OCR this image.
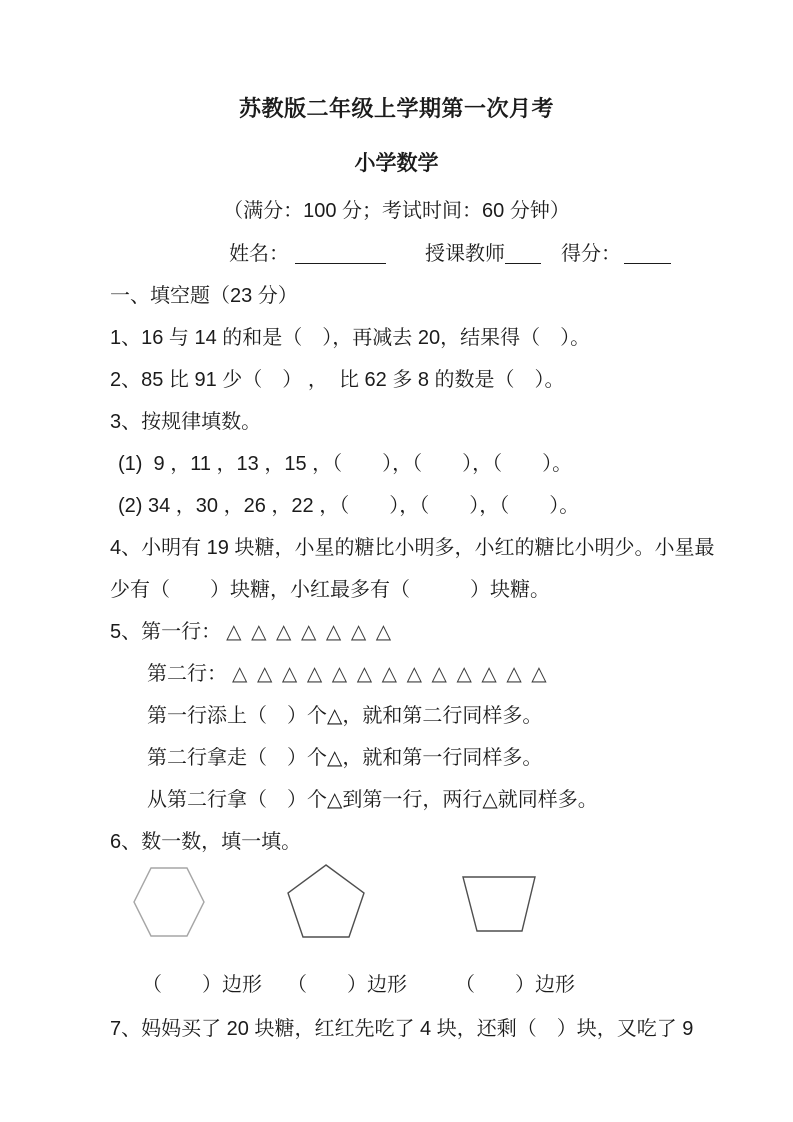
苏教版二年级上学期第一次月考
小学数学
（满分：100 分；考试时间：60 分钟）
姓名：	授课教师	得分：
一、填空题（23 分）
1、16 与 14 的和是（　），再减去 20，结果得（　）。
2、85 比 91 少（　） ，  比 62 多 8 的数是（　）。
3、按规律填数。
(1)  9 ，11 ，13 ，15 ，（　　），（　　），（　　）。
(2) 34 ，30 ，26 ，22 ，（　　），（　　），（　　）。
4、小明有 19 块糖，小星的糖比小明多，小红的糖比小明少。小星最
少有（　　）块糖，小红最多有（　　　）块糖。
5、第一行： △ △ △ △ △ △ △
第二行： △ △ △ △ △ △ △ △ △ △ △ △ △
第一行添上（　）个△，就和第二行同样多。
第二行拿走（　）个△，就和第一行同样多。
从第二行拿（　）个△到第一行，两行△就同样多。
6、数一数，填一填。
（　　）边形 （　　）边形 （　　）边形
7、妈妈买了 20 块糖，红红先吃了 4 块，还剩（　）块，又吃了 9
